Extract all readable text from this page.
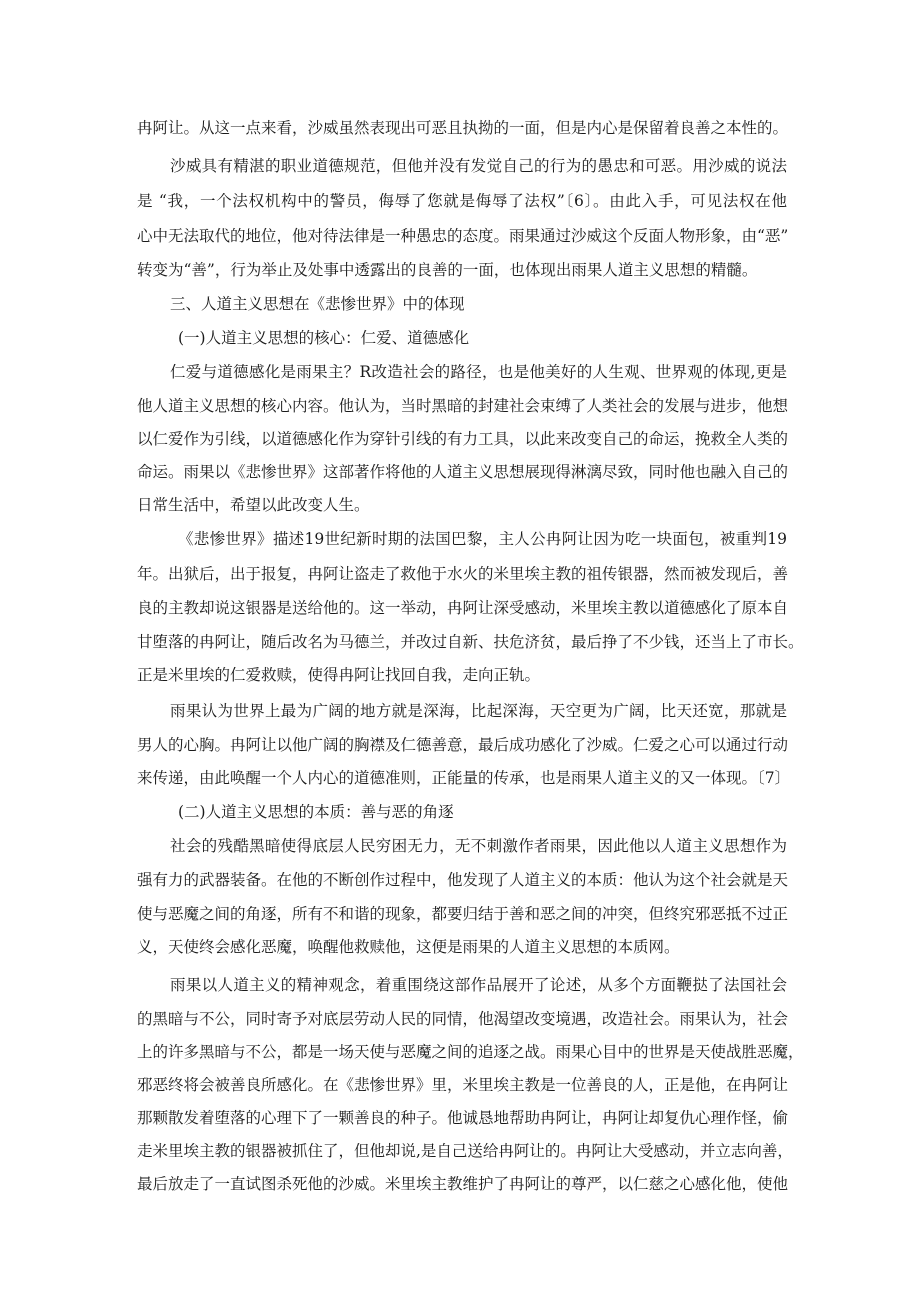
冉阿让。从这一点来看，沙威虽然表现出可恶且执拗的一面，但是内心是保留着良善之本性的。
沙威具有精湛的职业道德规范，但他并没有发觉自己的行为的愚忠和可恶。用沙威的说法
是 “我，一个法权机构中的警员，侮辱了您就是侮辱了法权”〔6〕。由此入手，可见法权在他
心中无法取代的地位，他对待法律是一种愚忠的态度。雨果通过沙威这个反面人物形象，由“恶”
转变为“善”，行为举止及处事中透露出的良善的一面，也体现出雨果人道主义思想的精髓。
三、人道主义思想在《悲惨世界》中的体现
(一)人道主义思想的核心：仁爱、道德感化
仁爱与道德感化是雨果主？R改造社会的路径，也是他美好的人生观、世界观的体现,更是
他人道主义思想的核心内容。他认为，当时黑暗的封建社会束缚了人类社会的发展与进步，他想
以仁爱作为引线，以道德感化作为穿针引线的有力工具，以此来改变自己的命运，挽救全人类的
命运。雨果以《悲惨世界》这部著作将他的人道主义思想展现得淋漓尽致，同时他也融入自己的
日常生活中，希望以此改变人生。
《悲惨世界》描述19世纪新时期的法国巴黎，主人公冉阿让因为吃一块面包，被重判19
年。出狱后，出于报复，冉阿让盗走了救他于水火的米里埃主教的祖传银器，然而被发现后，善
良的主教却说这银器是送给他的。这一举动，冉阿让深受感动，米里埃主教以道德感化了原本自
甘堕落的冉阿让，随后改名为马德兰，并改过自新、扶危济贫，最后挣了不少钱，还当上了市长。
正是米里埃的仁爱救赎，使得冉阿让找回自我，走向正轨。
雨果认为世界上最为广阔的地方就是深海，比起深海，天空更为广阔，比天还宽，那就是
男人的心胸。冉阿让以他广阔的胸襟及仁德善意，最后成功感化了沙威。仁爱之心可以通过行动
来传递，由此唤醒一个人内心的道德准则，正能量的传承，也是雨果人道主义的又一体现。〔7〕
(二)人道主义思想的本质：善与恶的角逐
社会的残酷黑暗使得底层人民穷困无力，无不刺激作者雨果，因此他以人道主义思想作为
强有力的武器装备。在他的不断创作过程中，他发现了人道主义的本质：他认为这个社会就是天
使与恶魔之间的角逐，所有不和谐的现象，都要归结于善和恶之间的冲突，但终究邪恶抵不过正
义，天使终会感化恶魔，唤醒他救赎他，这便是雨果的人道主义思想的本质网。
雨果以人道主义的精神观念，着重围绕这部作品展开了论述，从多个方面鞭挞了法国社会
的黑暗与不公，同时寄予对底层劳动人民的同情，他渴望改变境遇，改造社会。雨果认为，社会
上的许多黑暗与不公，都是一场天使与恶魔之间的追逐之战。雨果心目中的世界是天使战胜恶魔，
邪恶终将会被善良所感化。在《悲惨世界》里，米里埃主教是一位善良的人，正是他，在冉阿让
那颗散发着堕落的心理下了一颗善良的种子。他诚恳地帮助冉阿让，冉阿让却复仇心理作怪，偷
走米里埃主教的银器被抓住了，但他却说,是自己送给冉阿让的。冉阿让大受感动，并立志向善，
最后放走了一直试图杀死他的沙威。米里埃主教维护了冉阿让的尊严，以仁慈之心感化他，使他
